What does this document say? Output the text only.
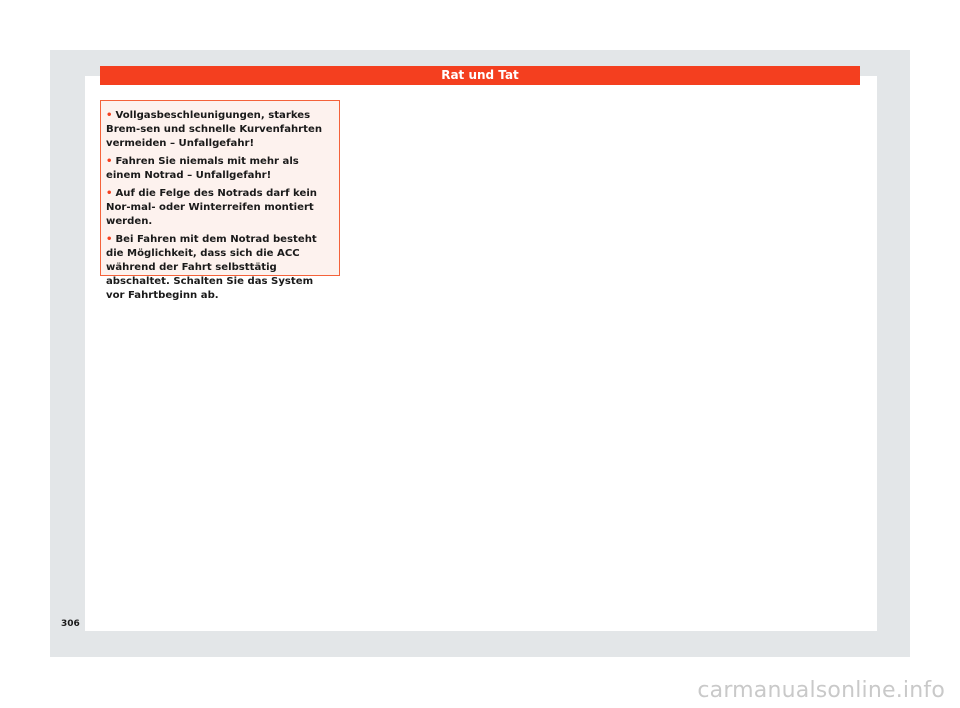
Rat und Tat

• Vollgasbeschleunigungen, starkes Brem-sen und schnelle Kurvenfahrten vermeiden – Unfallgefahr!

• Fahren Sie niemals mit mehr als einem Notrad – Unfallgefahr!

• Auf die Felge des Notrads darf kein Nor-mal- oder Winterreifen montiert werden.

• Bei Fahren mit dem Notrad besteht die Möglichkeit, dass sich die ACC während der Fahrt selbsttätig abschaltet. Schalten Sie das System vor Fahrtbeginn ab.

306
carmanualsonline.info
